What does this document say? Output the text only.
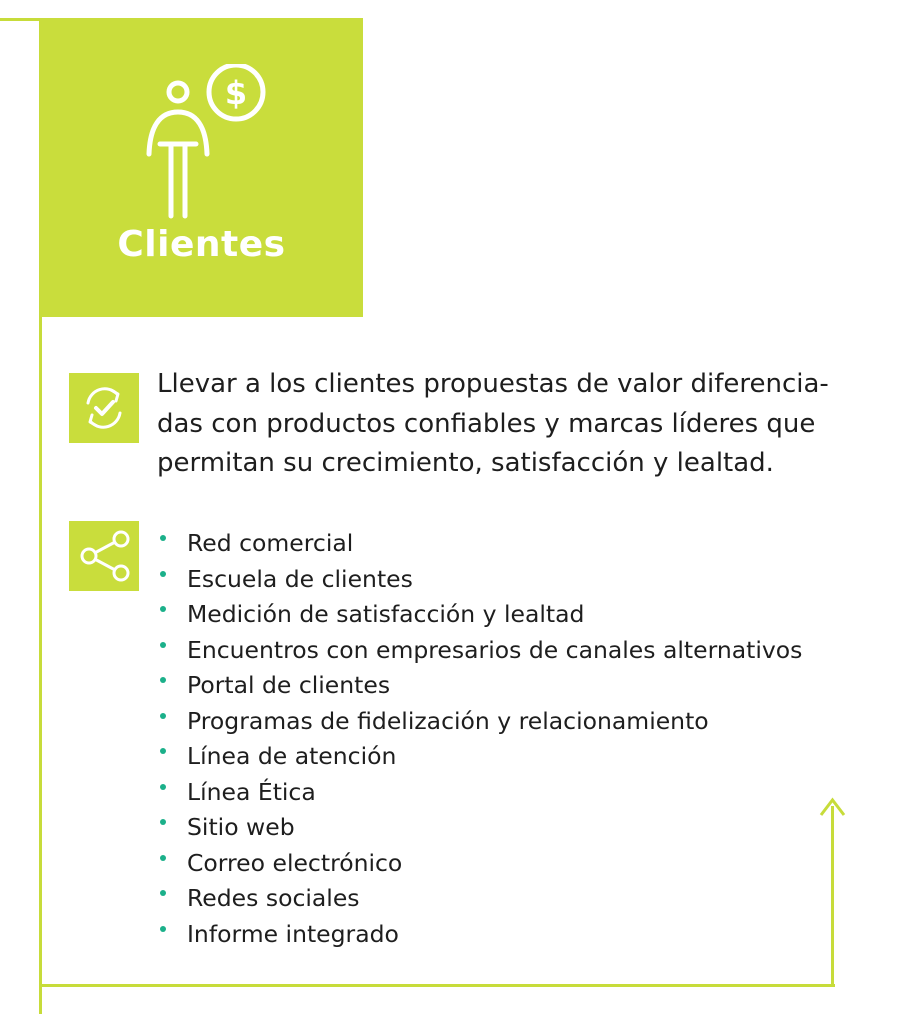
$
Clientes

Llevar a los clientes propuestas de valor diferencia-
das con productos confiables y marcas líderes que
permitan su crecimiento, satisfacción y lealtad.

Red comercial
Escuela de clientes
Medición de satisfacción y lealtad
Encuentros con empresarios de canales alternativos
Portal de clientes
Programas de fidelización y relacionamiento
Línea de atención
Línea Ética
Sitio web
Correo electrónico
Redes sociales
Informe integrado
